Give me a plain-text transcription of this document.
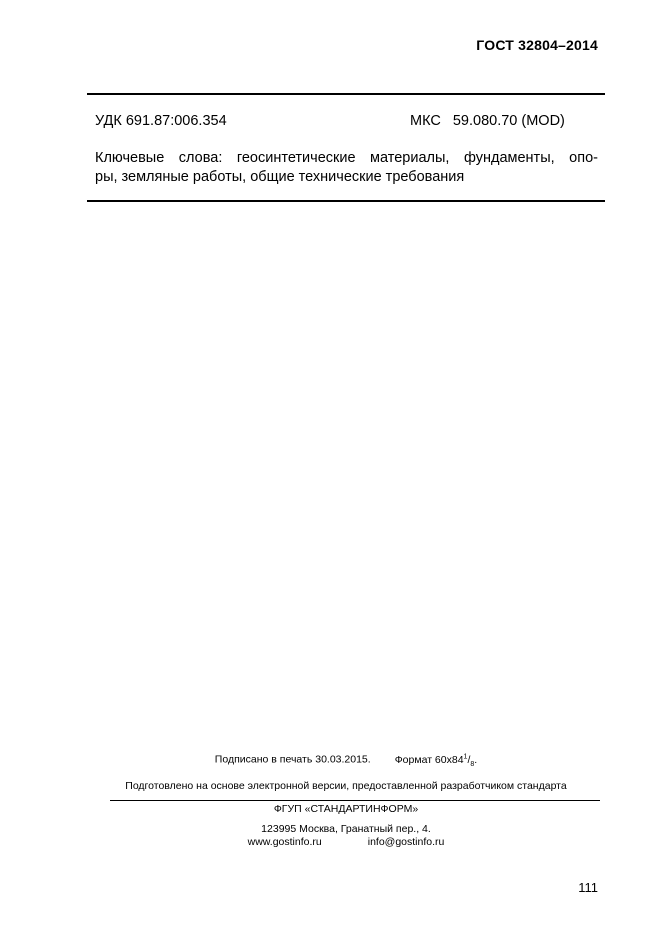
ГОСТ 32804–2014
УДК 691.87:006.354	МКС 59.080.70 (MOD)
Ключевые слова: геосинтетические материалы, фундаменты, опо-
ры, земляные работы, общие технические требования
Подписано в печать 30.03.2015. Формат $60x84^1/_8$.
Подготовлено на основе электронной версии, предоставленной разработчиком стандарта
ФГУП «СТАНДАРТИНФОРМ»
123995 Москва, Гранатный пер., 4.
www.gostinfo.ru	info@gostinfo.ru
111
